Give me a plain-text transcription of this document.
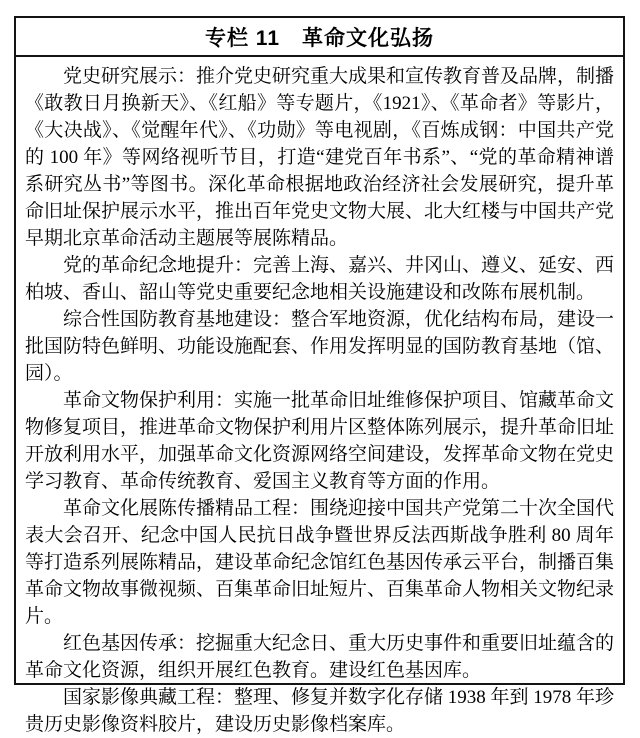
专栏 11　革命文化弘扬

党史研究展示：推介党史研究重大成果和宣传教育普及品牌，制播《敢教日月换新天》、《红船》等专题片，《1921》、《革命者》等影片，《大决战》、《觉醒年代》、《功勋》等电视剧，《百炼成钢：中国共产党的 100 年》等网络视听节目，打造“建党百年书系”、“党的革命精神谱系研究丛书”等图书。深化革命根据地政治经济社会发展研究，提升革命旧址保护展示水平，推出百年党史文物大展、北大红楼与中国共产党早期北京革命活动主题展等展陈精品。

党的革命纪念地提升：完善上海、嘉兴、井冈山、遵义、延安、西柏坡、香山、韶山等党史重要纪念地相关设施建设和改陈布展机制。

综合性国防教育基地建设：整合军地资源，优化结构布局，建设一批国防特色鲜明、功能设施配套、作用发挥明显的国防教育基地（馆、园）。

革命文物保护利用：实施一批革命旧址维修保护项目、馆藏革命文物修复项目，推进革命文物保护利用片区整体陈列展示，提升革命旧址开放利用水平，加强革命文化资源网络空间建设，发挥革命文物在党史学习教育、革命传统教育、爱国主义教育等方面的作用。

革命文化展陈传播精品工程：围绕迎接中国共产党第二十次全国代表大会召开、纪念中国人民抗日战争暨世界反法西斯战争胜利 80 周年等打造系列展陈精品，建设革命纪念馆红色基因传承云平台，制播百集革命文物故事微视频、百集革命旧址短片、百集革命人物相关文物纪录片。

红色基因传承：挖掘重大纪念日、重大历史事件和重要旧址蕴含的革命文化资源，组织开展红色教育。建设红色基因库。

国家影像典藏工程：整理、修复并数字化存储 1938 年到 1978 年珍贵历史影像资料胶片，建设历史影像档案库。
